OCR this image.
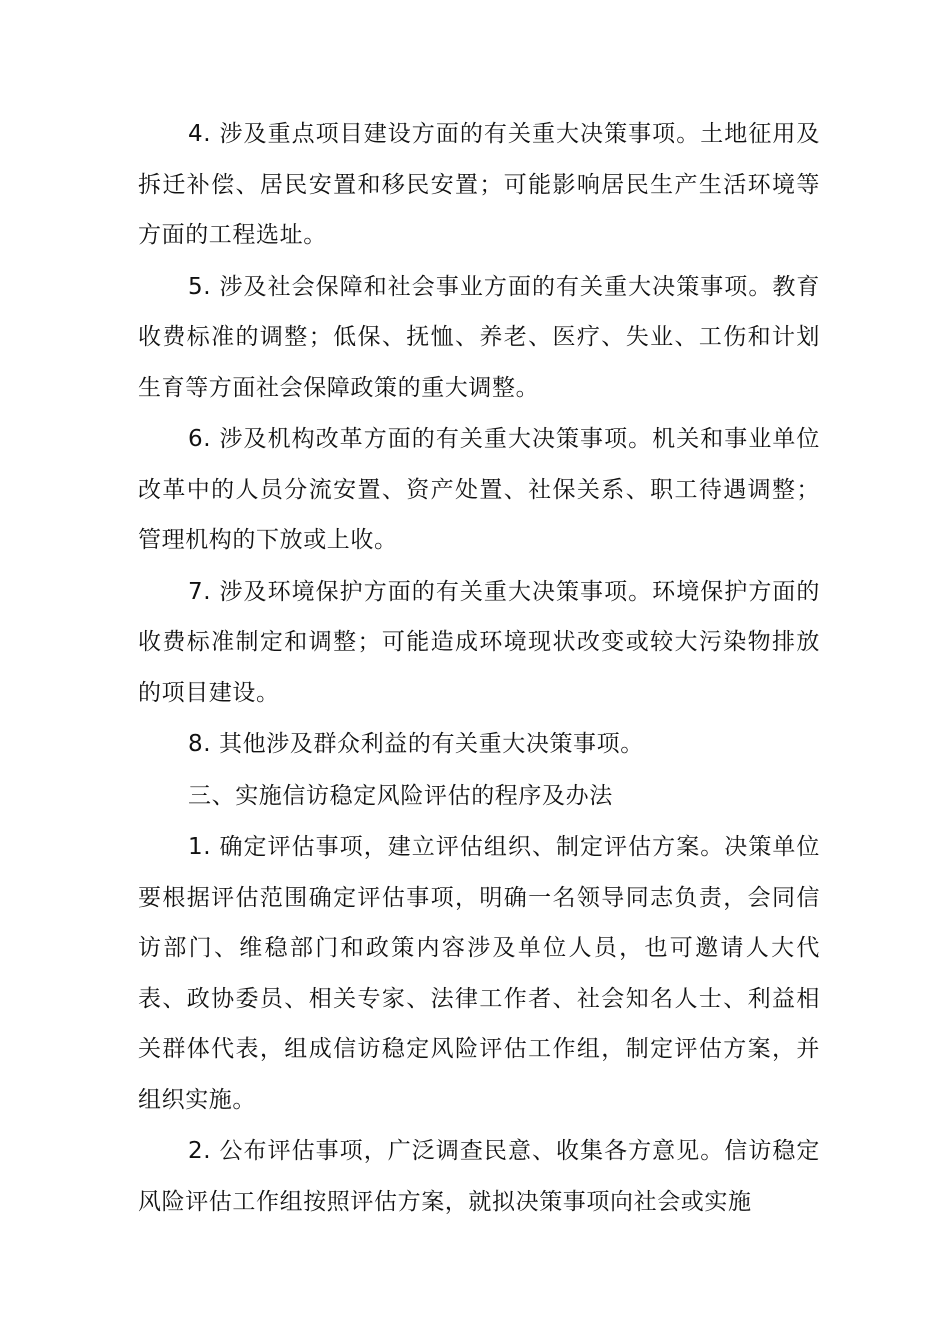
4. 涉及重点项目建设方面的有关重大决策事项。土地征用及拆迁补偿、居民安置和移民安置；可能影响居民生产生活环境等方面的工程选址。

5. 涉及社会保障和社会事业方面的有关重大决策事项。教育收费标准的调整；低保、抚恤、养老、医疗、失业、工伤和计划生育等方面社会保障政策的重大调整。

6. 涉及机构改革方面的有关重大决策事项。机关和事业单位改革中的人员分流安置、资产处置、社保关系、职工待遇调整；管理机构的下放或上收。

7. 涉及环境保护方面的有关重大决策事项。环境保护方面的收费标准制定和调整；可能造成环境现状改变或较大污染物排放的项目建设。

8. 其他涉及群众利益的有关重大决策事项。

三、实施信访稳定风险评估的程序及办法

1. 确定评估事项，建立评估组织、制定评估方案。决策单位要根据评估范围确定评估事项，明确一名领导同志负责，会同信访部门、维稳部门和政策内容涉及单位人员，也可邀请人大代表、政协委员、相关专家、法律工作者、社会知名人士、利益相关群体代表，组成信访稳定风险评估工作组，制定评估方案，并组织实施。

2. 公布评估事项，广泛调查民意、收集各方意见。信访稳定风险评估工作组按照评估方案，就拟决策事项向社会或实施
